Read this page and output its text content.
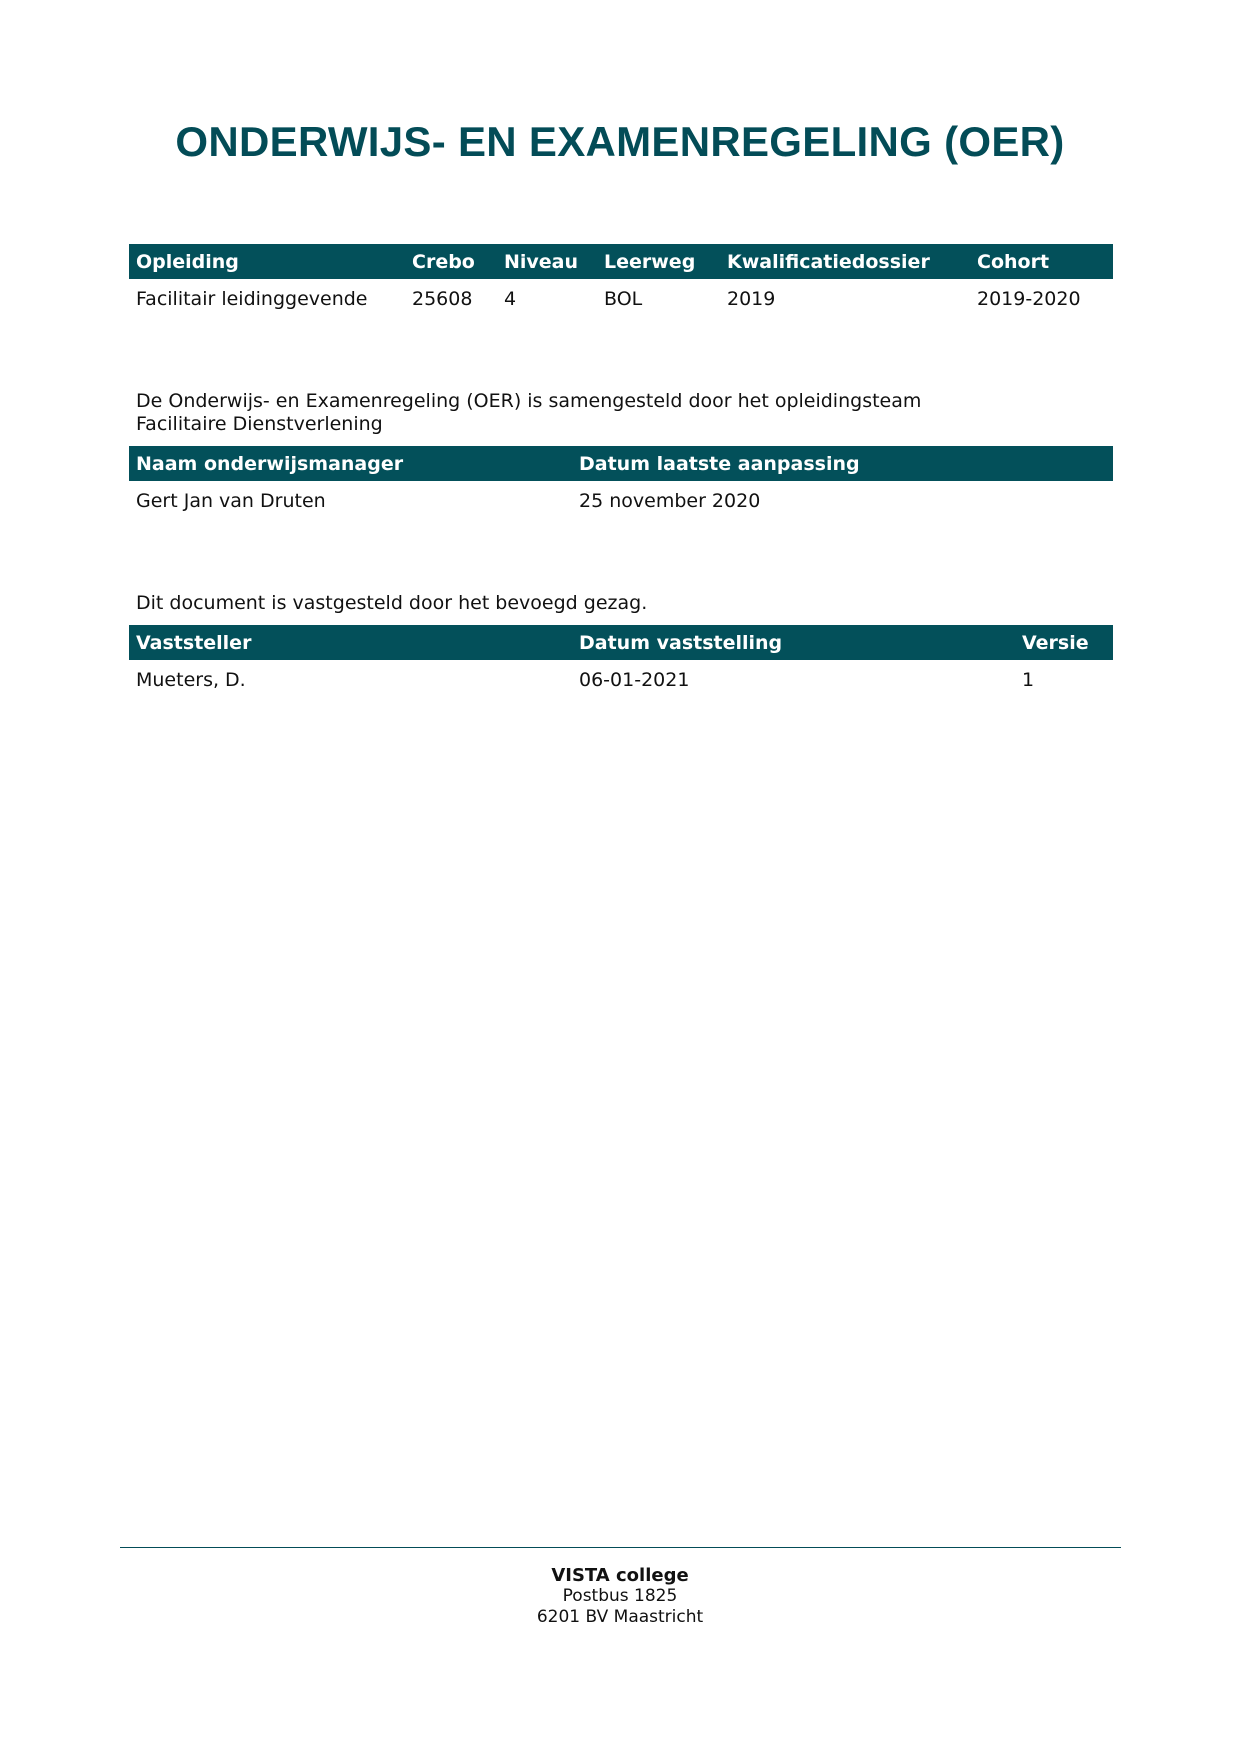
ONDERWIJS- EN EXAMENREGELING (OER)
Opleiding	Crebo	Niveau	Leerweg	Kwalificatiedossier	Cohort
Facilitair leidinggevende	25608	4	BOL	2019	2019-2020
De Onderwijs- en Examenregeling (OER) is samengesteld door het opleidingsteam Facilitaire Dienstverlening
Naam onderwijsmanager	Datum laatste aanpassing
Gert Jan van Druten	25 november 2020
Dit document is vastgesteld door het bevoegd gezag.
Vaststeller	Datum vaststelling	Versie
Mueters, D.	06-01-2021	1
VISTA college
Postbus 1825
6201 BV Maastricht
